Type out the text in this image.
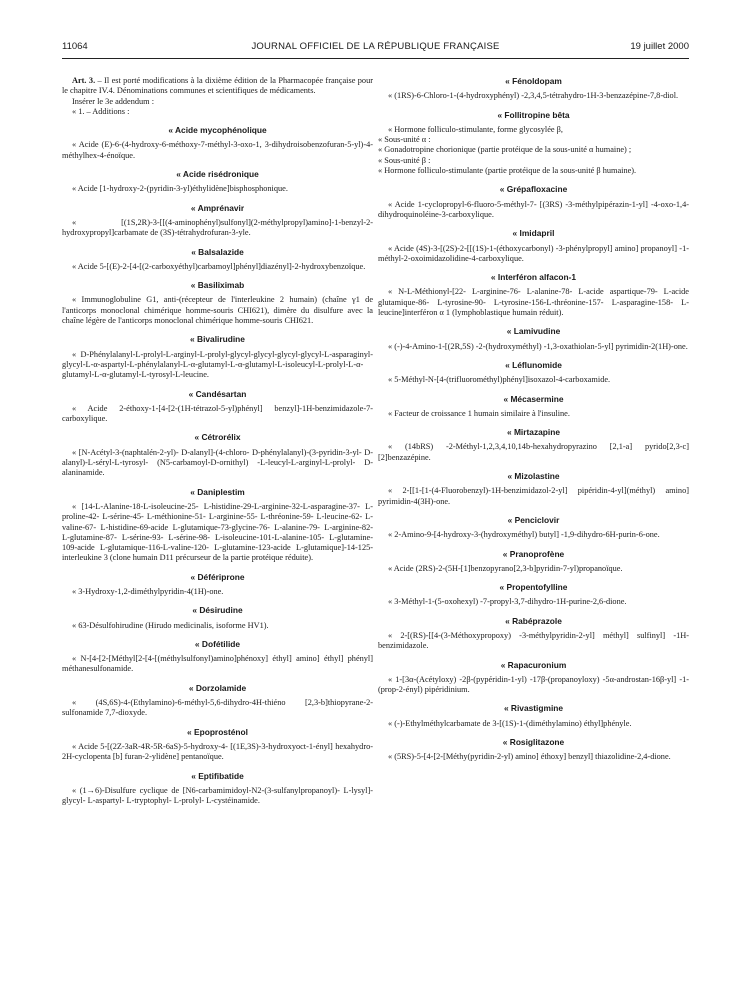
11064	JOURNAL OFFICIEL DE LA RÉPUBLIQUE FRANÇAISE	19 juillet 2000

Art. 3. – Il est porté modifications à la dixième édition de la Pharmacopée française pour le chapitre IV.4. Dénominations communes et scientifiques de médicaments.

Insérer le 3e addendum :

« 1. – Additions :

« Acide mycophénolique
« Acide (E)-6-(4-hydroxy-6-méthoxy-7-méthyl-3-oxo-1, 3-dihydroisobenzofuran-5-yl)-4-méthylhex-4-énoïque.
« Acide risédronique
« Acide [1-hydroxy-2-(pyridin-3-yl)éthylidène]bisphosphonique.
« Amprénavir
« [(1S,2R)-3-[[(4-aminophényl)sulfonyl](2-méthylpropyl)amino]-1-benzyl-2-hydroxypropyl]carbamate de (3S)-tétrahydrofuran-3-yle.
« Balsalazide
« Acide 5-[(E)-2-[4-[(2-carboxyéthyl)carbamoyl]phényl]diazényl]-2-hydroxybenzoïque.
« Basiliximab
« Immunoglobuline G1, anti-(récepteur de l'interleukine 2 humain) (chaîne γ1 de l'anticorps monoclonal chimérique homme-souris CHI621), dimère du disulfure avec la chaîne légère de l'anticorps monoclonal chimérique homme-souris CHI621.
« Bivalirudine
« D-Phénylalanyl-L-prolyl-L-arginyl-L-prolyl-glycyl-glycyl-glycyl-glycyl-L-asparaginyl-glycyl-L-α-aspartyl-L-phénylalanyl-L-α-glutamyl-L-α-glutamyl-L-isoleucyl-L-prolyl-L-α-glutamyl-L-α-glutamyl-L-tyrosyl-L-leucine.
« Candésartan
« Acide 2-éthoxy-1-[4-[2-(1H-tétrazol-5-yl)phényl] benzyl]-1H-benzimidazole-7-carboxylique.
« Cétrorélix
« [N-Acétyl-3-(naphtalén-2-yl)- D-alanyl]-(4-chloro- D-phénylalanyl)-(3-pyridin-3-yl- D-alanyl)-L-séryl-L-tyrosyl- (N5-carbamoyl-D-ornithyl) -L-leucyl-L-arginyl-L-prolyl- D-alaninamide.
« Daniplestim
« [14-L-Alanine-18-L-isoleucine-25- L-histidine-29-L-arginine-32-L-asparagine-37- L-proline-42- L-sérine-45- L-méthionine-51- L-arginine-55- L-thréonine-59- L-leucine-62- L-valine-67- L-histidine-69-acide L-glutamique-73-glycine-76- L-alanine-79- L-arginine-82- L-glutamine-87- L-sérine-93- L-sérine-98- L-isoleucine-101-L-alanine-105- L-glutamine-109-acide L-glutamique-116-L-valine-120- L-glutamine-123-acide L-glutamique]-14-125-interleukine 3 (clone humain D11 précurseur de la partie protéique réduite).
« Défériprone
« 3-Hydroxy-1,2-diméthylpyridin-4(1H)-one.
« Désirudine
« 63-Désulfohirudine (Hirudo medicinalis, isoforme HV1).
« Dofétilide
« N-[4-[2-[Méthyl[2-[4-[(méthylsulfonyl)amino]phénoxy] éthyl] amino] éthyl] phényl] méthanesulfonamide.
« Dorzolamide
« (4S,6S)-4-(Ethylamino)-6-méthyl-5,6-dihydro-4H-thiéno [2,3-b]thiopyrane-2-sulfonamide 7,7-dioxyde.
« Epoprosténol
« Acide 5-[(2Z-3aR-4R-5R-6aS)-5-hydroxy-4- [(1E,3S)-3-hydroxyoct-1-ényl] hexahydro-2H-cyclopenta [b] furan-2-ylidène] pentanoïque.
« Eptifibatide
« (1→6)-Disulfure cyclique de [N6-carbamimidoyl-N2-(3-sulfanylpropanoyl)- L-lysyl]-glycyl- L-aspartyl- L-tryptophyl- L-prolyl- L-cystéinamide.
« Fénoldopam
« (1RS)-6-Chloro-1-(4-hydroxyphényl) -2,3,4,5-tétrahydro-1H-3-benzazépine-7,8-diol.
« Follitropine bêta
« Hormone folliculo-stimulante, forme glycosylée β,
« Sous-unité α :
« Gonadotropine chorionique (partie protéique de la sous-unité α humaine) ;
« Sous-unité β :
« Hormone folliculo-stimulante (partie protéique de la sous-unité β humaine).
« Grépafloxacine
« Acide 1-cyclopropyl-6-fluoro-5-méthyl-7- [(3RS) -3-méthylpipérazin-1-yl] -4-oxo-1,4-dihydroquinoléine-3-carboxylique.
« Imidapril
« Acide (4S)-3-[(2S)-2-[[(1S)-1-(éthoxycarbonyl) -3-phénylpropyl] amino] propanoyl] -1-méthyl-2-oxoimidazolidine-4-carboxylique.
« Interféron alfacon-1
« N-L-Méthionyl-[22- L-arginine-76- L-alanine-78- L-acide aspartique-79- L-acide glutamique-86- L-tyrosine-90- L-tyrosine-156-L-thréonine-157- L-asparagine-158- L-leucine]interféron α 1 (lymphoblastique humain réduit).
« Lamivudine
« (-)-4-Amino-1-[(2R,5S) -2-(hydroxyméthyl) -1,3-oxathiolan-5-yl] pyrimidin-2(1H)-one.
« Léflunomide
« 5-Méthyl-N-[4-(trifluorométhyl)phényl]isoxazol-4-carboxamide.
« Mécasermine
« Facteur de croissance 1 humain similaire à l'insuline.
« Mirtazapine
« (14bRS) -2-Méthyl-1,2,3,4,10,14b-hexahydropyrazino [2,1-a] pyrido[2,3-c] [2]benzazépine.
« Mizolastine
« 2-[[1-[1-(4-Fluorobenzyl)-1H-benzimidazol-2-yl] pipéridin-4-yl](méthyl) amino] pyrimidin-4(3H)-one.
« Penciclovir
« 2-Amino-9-[4-hydroxy-3-(hydroxyméthyl) butyl] -1,9-dihydro-6H-purin-6-one.
« Pranoprofène
« Acide (2RS)-2-(5H-[1]benzopyrano[2,3-b]pyridin-7-yl)propanoïque.
« Propentofylline
« 3-Méthyl-1-(5-oxohexyl) -7-propyl-3,7-dihydro-1H-purine-2,6-dione.
« Rabéprazole
« 2-[(RS)-[[4-(3-Méthoxypropoxy) -3-méthylpyridin-2-yl] méthyl] sulfinyl] -1H-benzimidazole.
« Rapacuronium
« 1-[3α-(Acétyloxy) -2β-(pypéridin-1-yl) -17β-(propanoyloxy) -5α-androstan-16β-yl] -1-(prop-2-ényl) pipéridinium.
« Rivastigmine
« (-)-Ethylméthylcarbamate de 3-[(1S)-1-(diméthylamino) éthyl]phényle.
« Rosiglitazone
« (5RS)-5-[4-[2-[Méthy(pyridin-2-yl) amino] éthoxy] benzyl] thiazolidine-2,4-dione.
